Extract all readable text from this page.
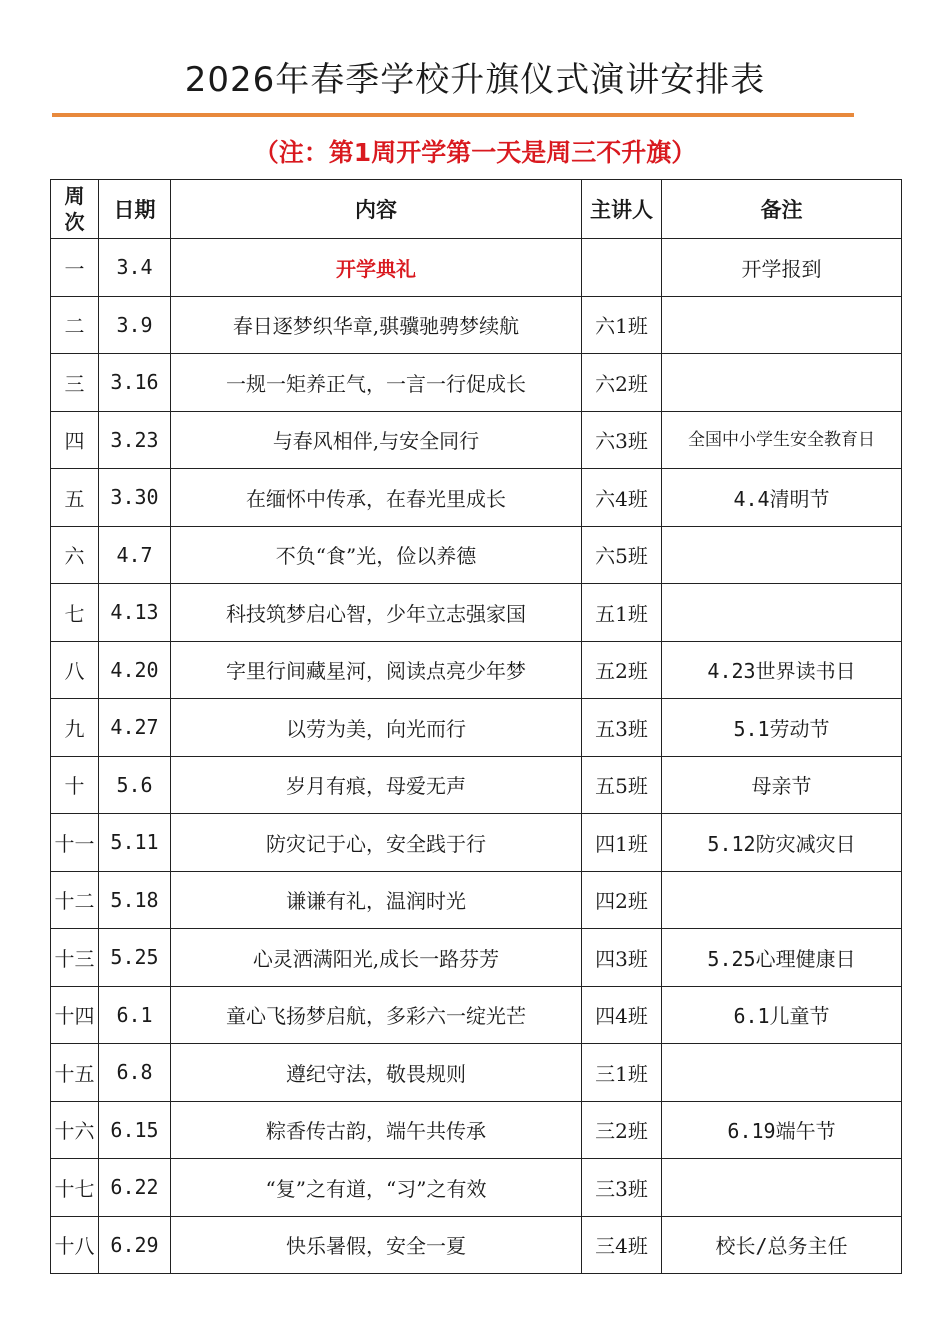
2026年春季学校升旗仪式演讲安排表
（注：第1周开学第一天是周三不升旗）
周
次	日期	内容	主讲人	备注
一	3.4	开学典礼		开学报到
二	3.9	春日逐梦织华章,骐骥驰骋梦续航	六1班	
三	3.16	一规一矩养正气，一言一行促成长	六2班	
四	3.23	与春风相伴,与安全同行	六3班	全国中小学生安全教育日
五	3.30	在缅怀中传承，在春光里成长	六4班	4.4清明节
六	4.7	不负“食”光，俭以养德	六5班	
七	4.13	科技筑梦启心智，少年立志强家国	五1班	
八	4.20	字里行间藏星河，阅读点亮少年梦	五2班	4.23世界读书日
九	4.27	以劳为美，向光而行	五3班	5.1劳动节
十	5.6	岁月有痕，母爱无声	五5班	母亲节
十一	5.11	防灾记于心，安全践于行	四1班	5.12防灾减灾日
十二	5.18	谦谦有礼，温润时光	四2班	
十三	5.25	心灵洒满阳光,成长一路芬芳	四3班	5.25心理健康日
十四	6.1	童心飞扬梦启航，多彩六一绽光芒	四4班	6.1儿童节
十五	6.8	遵纪守法，敬畏规则	三1班	
十六	6.15	粽香传古韵，端午共传承	三2班	6.19端午节
十七	6.22	“复”之有道，“习”之有效	三3班	
十八	6.29	快乐暑假，安全一夏	三4班	校长/总务主任
